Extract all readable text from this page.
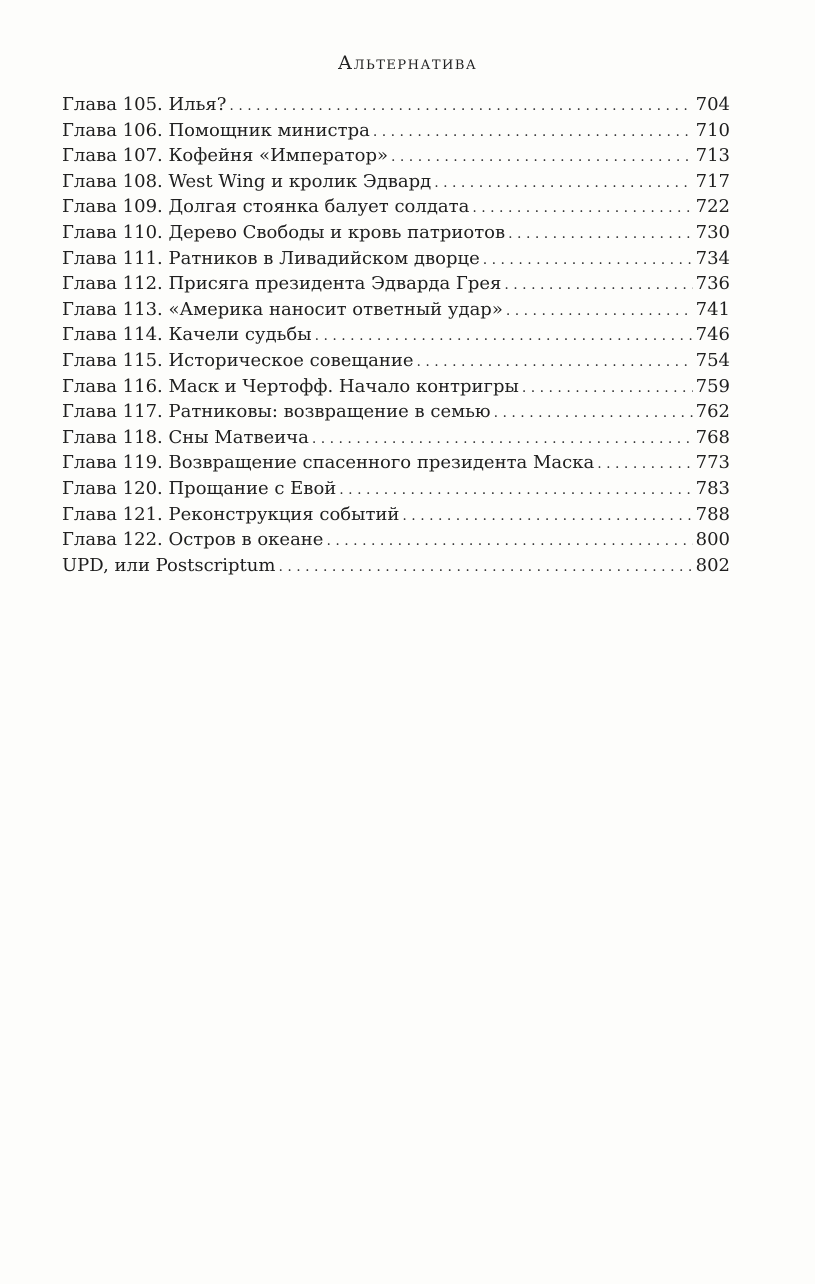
Альтернатива
Глава 105. Илья? . . .	704
Глава 106. Помощник министра . . .	710
Глава 107. Кофейня «Император» . . .	713
Глава 108. West Wing и кролик Эдвард . . .	717
Глава 109. Долгая стоянка балует солдата . . .	722
Глава 110. Дерево Свободы и кровь патриотов . . .	730
Глава 111. Ратников в Ливадийском дворце . . .	734
Глава 112. Присяга президента Эдварда Грея . . .	736
Глава 113. «Америка наносит ответный удар» . . .	741
Глава 114. Качели судьбы . . .	746
Глава 115. Историческое совещание . . .	754
Глава 116. Маск и Чертофф. Начало контригры . . .	759
Глава 117. Ратниковы: возвращение в семью . . .	762
Глава 118. Сны Матвеича . . .	768
Глава 119. Возвращение спасенного президента Маска . . .	773
Глава 120. Прощание с Евой . . .	783
Глава 121. Реконструкция событий . . .	788
Глава 122. Остров в океане . . .	800
UPD, или Postscriptum . . .	802
